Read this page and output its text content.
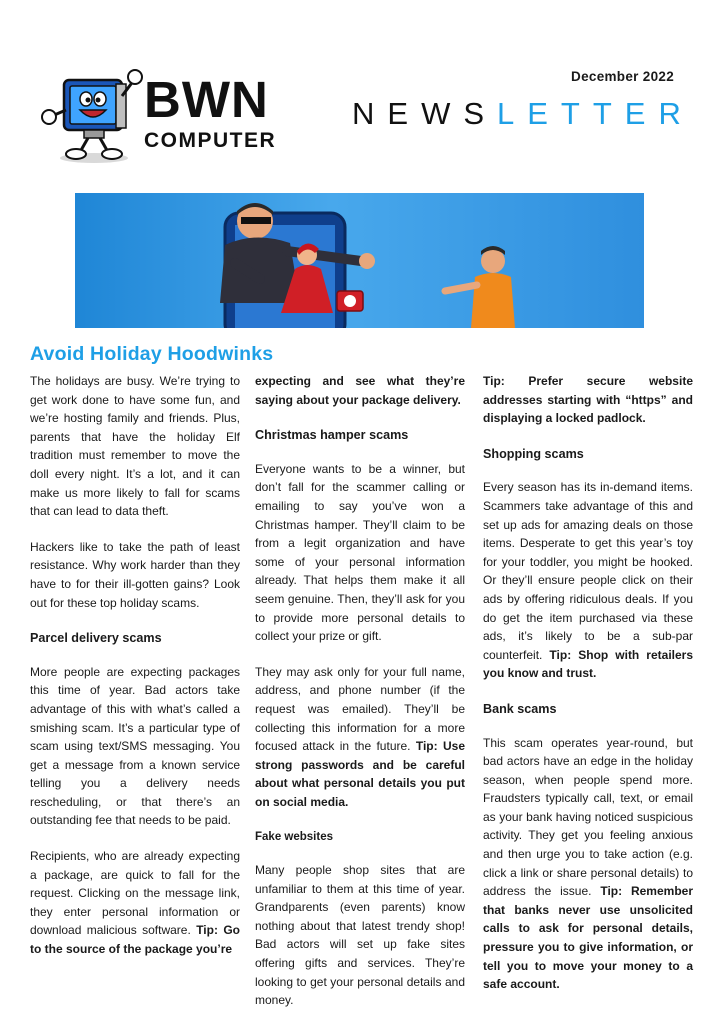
BWN
COMPUTER
December 2022
NEWSLETTER
Avoid Holiday Hoodwinks

The holidays are busy. We’re trying to get work done to have some fun, and we’re hosting family and friends. Plus, parents that have the holiday Elf tradition must remember to move the doll every night. It’s a lot, and it can make us more likely to fall for scams that can lead to data theft.

Hackers like to take the path of least resistance. Why work harder than they have to for their ill-gotten gains? Look out for these top holiday scams.

Parcel delivery scams

More people are expecting packages this time of year. Bad actors take advantage of this with what’s called a smishing scam. It’s a particular type of scam using text/SMS messaging. You get a message from a known service telling you a delivery needs rescheduling, or that there’s an outstanding fee that needs to be paid.

Recipients, who are already expecting a package, are quick to fall for the request. Clicking on the message link, they enter personal information or download malicious software. Tip: Go to the source of the package you’re

expecting and see what they’re saying about your package delivery.

Christmas hamper scams

Everyone wants to be a winner, but don’t fall for the scammer calling or emailing to say you’ve won a Christmas hamper. They’ll claim to be from a legit organization and have some of your personal information already. That helps them make it all seem genuine. Then, they’ll ask for you to provide more personal details to collect your prize or gift.

They may ask only for your full name, address, and phone number (if the request was emailed). They’ll be collecting this information for a more focused attack in the future. Tip: Use strong passwords and be careful about what personal details you put on social media.

Fake websites

Many people shop sites that are unfamiliar to them at this time of year. Grandparents (even parents) know nothing about that latest trendy shop! Bad actors will set up fake sites offering gifts and services. They’re looking to get your personal details and money.

Tip: Prefer secure website addresses starting with “https” and displaying a locked padlock.

Shopping scams

Every season has its in-demand items. Scammers take advantage of this and set up ads for amazing deals on those items. Desperate to get this year’s toy for your toddler, you might be hooked. Or they’ll ensure people click on their ads by offering ridiculous deals. If you do get the item purchased via these ads, it’s likely to be a sub-par counterfeit. Tip: Shop with retailers you know and trust.

Bank scams

This scam operates year-round, but bad actors have an edge in the holiday season, when people spend more. Fraudsters typically call, text, or email as your bank having noticed suspicious activity. They get you feeling anxious and then urge you to take action (e.g. click a link or share personal details) to address the issue. Tip: Remember that banks never use unsolicited calls to ask for personal details, pressure you to give information, or tell you to move your money to a safe account.
